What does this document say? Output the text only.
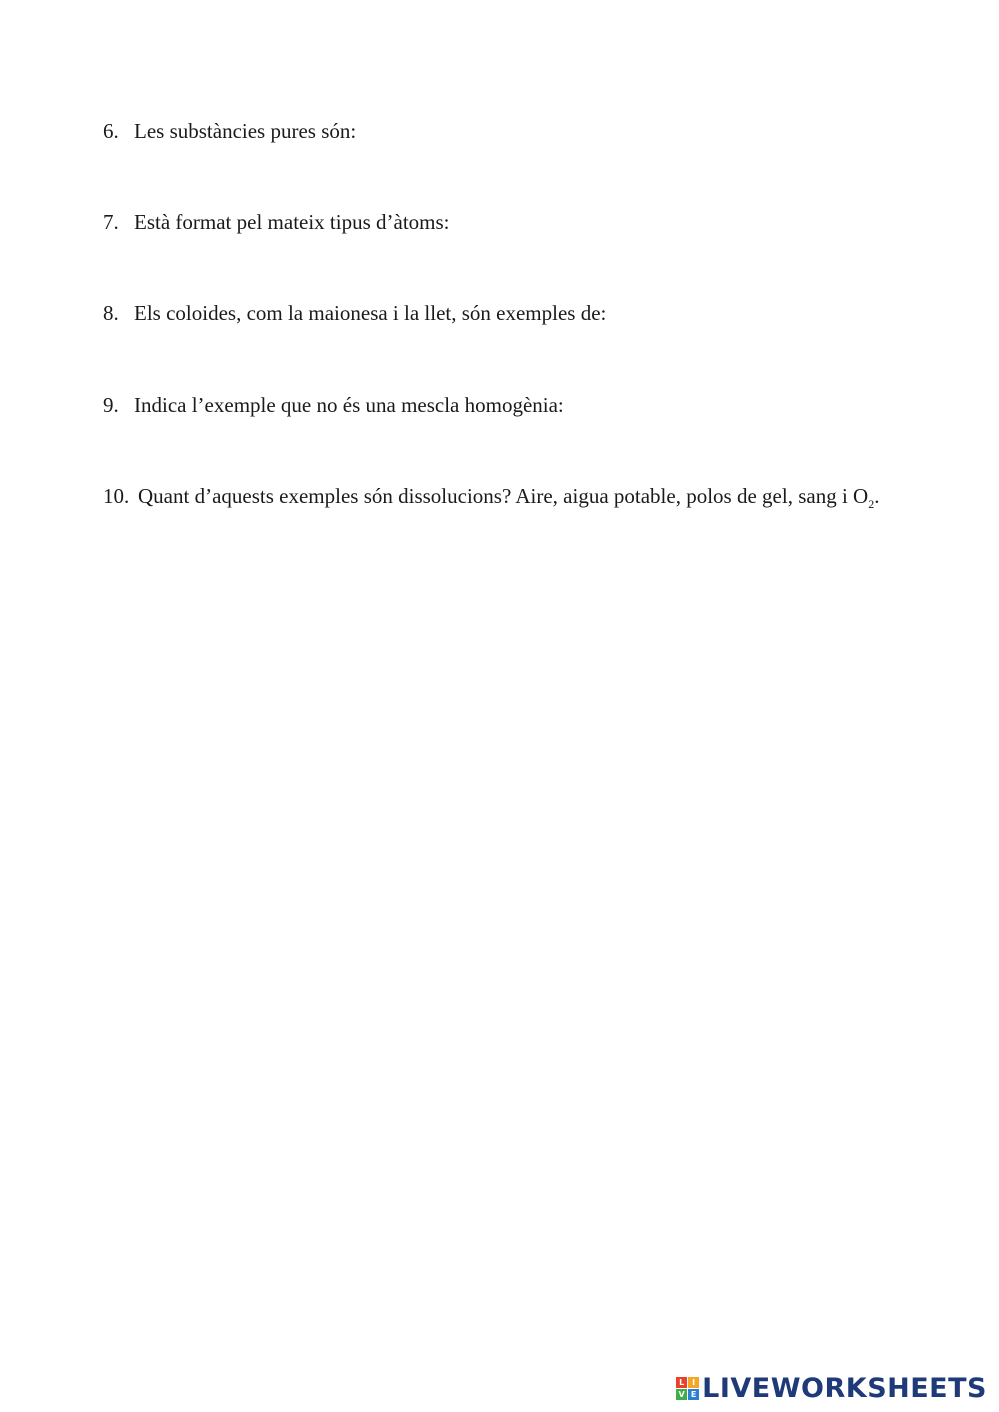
6. Les substàncies pures són:
7. Està format pel mateix tipus d’àtoms:
8. Els coloides, com la maionesa i la llet, són exemples de:
9. Indica l’exemple que no és una mescla homogènia:
10. Quant d’aquests exemples són dissolucions? Aire, aigua potable, polos de gel, sang i $O_2$.
L I
V E LIVEWORKSHEETS
